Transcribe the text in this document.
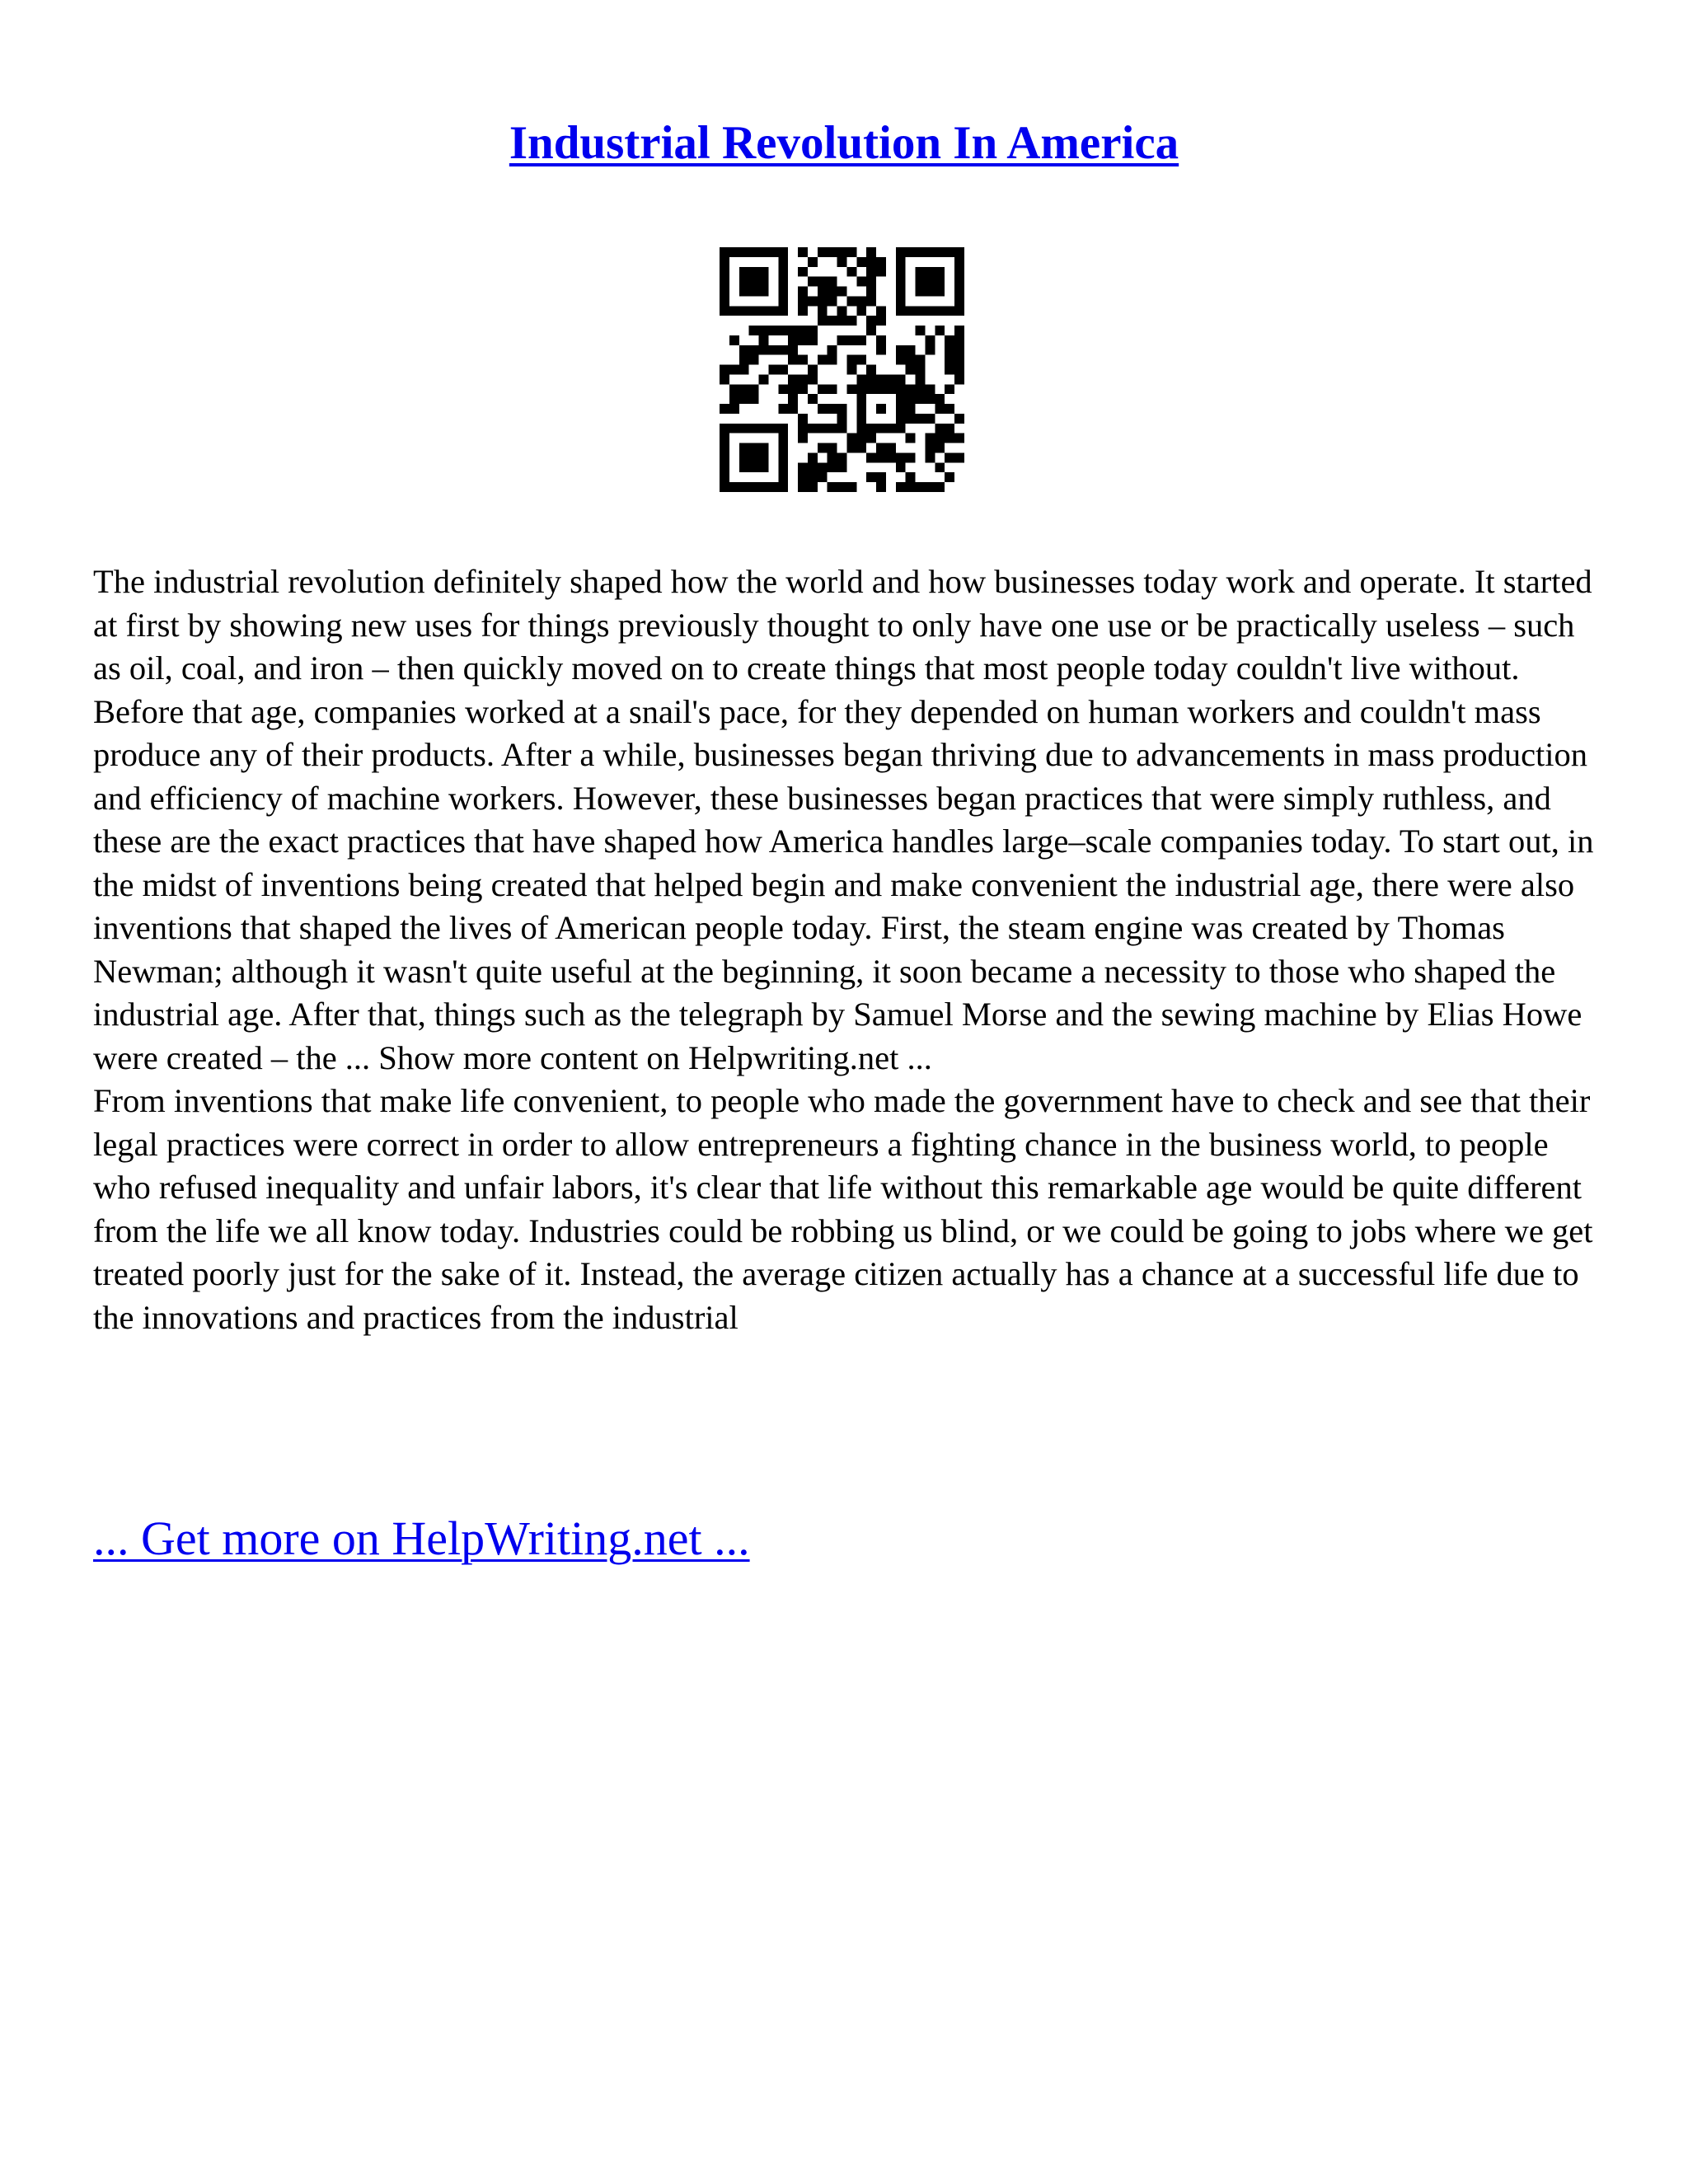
Industrial Revolution In America

The industrial revolution definitely shaped how the world and how businesses today work and operate. It started at first by showing new uses for things previously thought to only have one use or be practically useless – such as oil, coal, and iron – then quickly moved on to create things that most people today couldn't live without. Before that age, companies worked at a snail's pace, for they depended on human workers and couldn't mass produce any of their products. After a while, businesses began thriving due to advancements in mass production and efficiency of machine workers. However, these businesses began practices that were simply ruthless, and these are the exact practices that have shaped how America handles large–scale companies today. To start out, in the midst of inventions being created that helped begin and make convenient the industrial age, there were also inventions that shaped the lives of American people today. First, the steam engine was created by Thomas Newman; although it wasn't quite useful at the beginning, it soon became a necessity to those who shaped the industrial age. After that, things such as the telegraph by Samuel Morse and the sewing machine by Elias Howe were created – the ... Show more content on Helpwriting.net ...

From inventions that make life convenient, to people who made the government have to check and see that their legal practices were correct in order to allow entrepreneurs a fighting chance in the business world, to people who refused inequality and unfair labors, it's clear that life without this remarkable age would be quite different from the life we all know today. Industries could be robbing us blind, or we could be going to jobs where we get treated poorly just for the sake of it. Instead, the average citizen actually has a chance at a successful life due to the innovations and practices from the industrial

... Get more on HelpWriting.net ...
